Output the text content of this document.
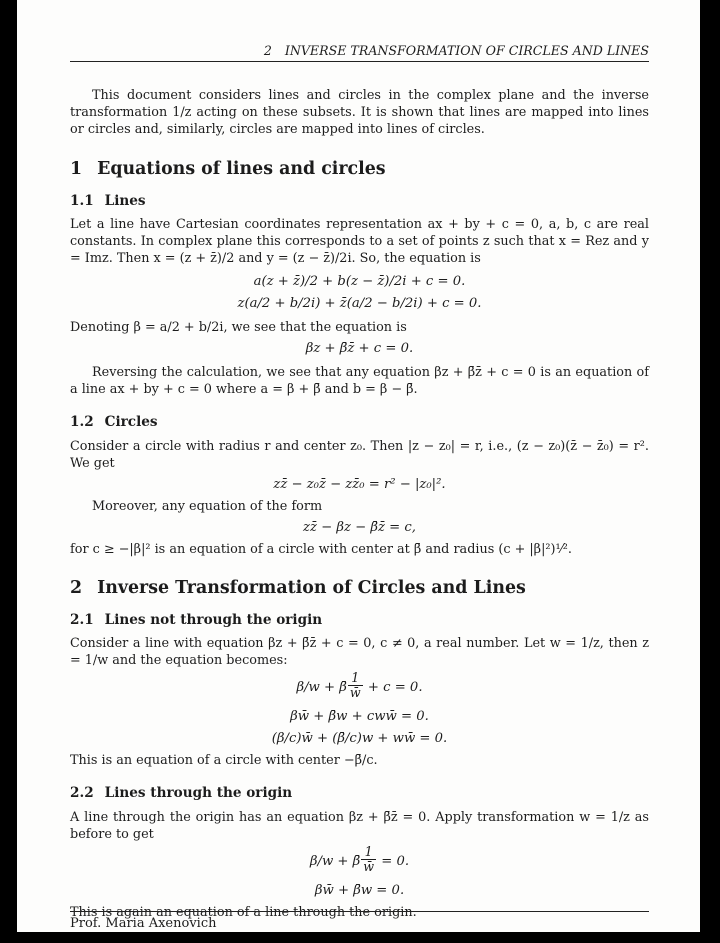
2 INVERSE TRANSFORMATION OF CIRCLES AND LINES

This document considers lines and circles in the complex plane and the inverse transformation 1/z acting on these subsets. It is shown that lines are mapped into lines or circles and, similarly, circles are mapped into lines of circles.

1 Equations of lines and circles
1.1 Lines

Let a line have Cartesian coordinates representation ax + by + c = 0, a, b, c are real constants. In complex plane this corresponds to a set of points z such that x = Rez and y = Imz. Then x = (z + z̄)/2 and y = (z − z̄)/2i. So, the equation is

a(z + z̄)/2 + b(z − z̄)/2i + c = 0.
z(a/2 + b/2i) + z̄(a/2 − b/2i) + c = 0.

Denoting β = a/2 + b/2i, we see that the equation is

βz + β̄z̄ + c = 0.

Reversing the calculation, we see that any equation βz + β̄z̄ + c = 0 is an equation of a line ax + by + c = 0 where a = β + β̄ and b = β − β̄.

1.2 Circles

Consider a circle with radius r and center z₀. Then |z − z₀| = r, i.e., (z − z₀)(z̄ − z̄₀) = r². We get

zz̄ − z₀z̄ − zz̄₀ = r² − |z₀|².

Moreover, any equation of the form

zz̄ − βz − β̄z̄ = c,

for c ≥ −|β|² is an equation of a circle with center at β̄ and radius (c + |β|²)¹⁄².

2 Inverse Transformation of Circles and Lines
2.1 Lines not through the origin

Consider a line with equation βz + β̄z̄ + c = 0, c ≠ 0, a real number. Let w = 1/z, then z = 1/w and the equation becomes:

β/w + β̄ $\frac{1}{w̄} + c = 0$.
βw̄ + β̄w + cww̄ = 0.
(β/c)w̄ + (β̄/c)w + ww̄ = 0.

This is an equation of a circle with center −β̄/c.

2.2 Lines through the origin

A line through the origin has an equation βz + β̄z̄ = 0. Apply transformation w = 1/z as before to get

β/w + β̄ $\frac{1}{w̄} = 0$.
βw̄ + β̄w = 0.

This is again an equation of a line through the origin.

Prof. Maria Axenovich
